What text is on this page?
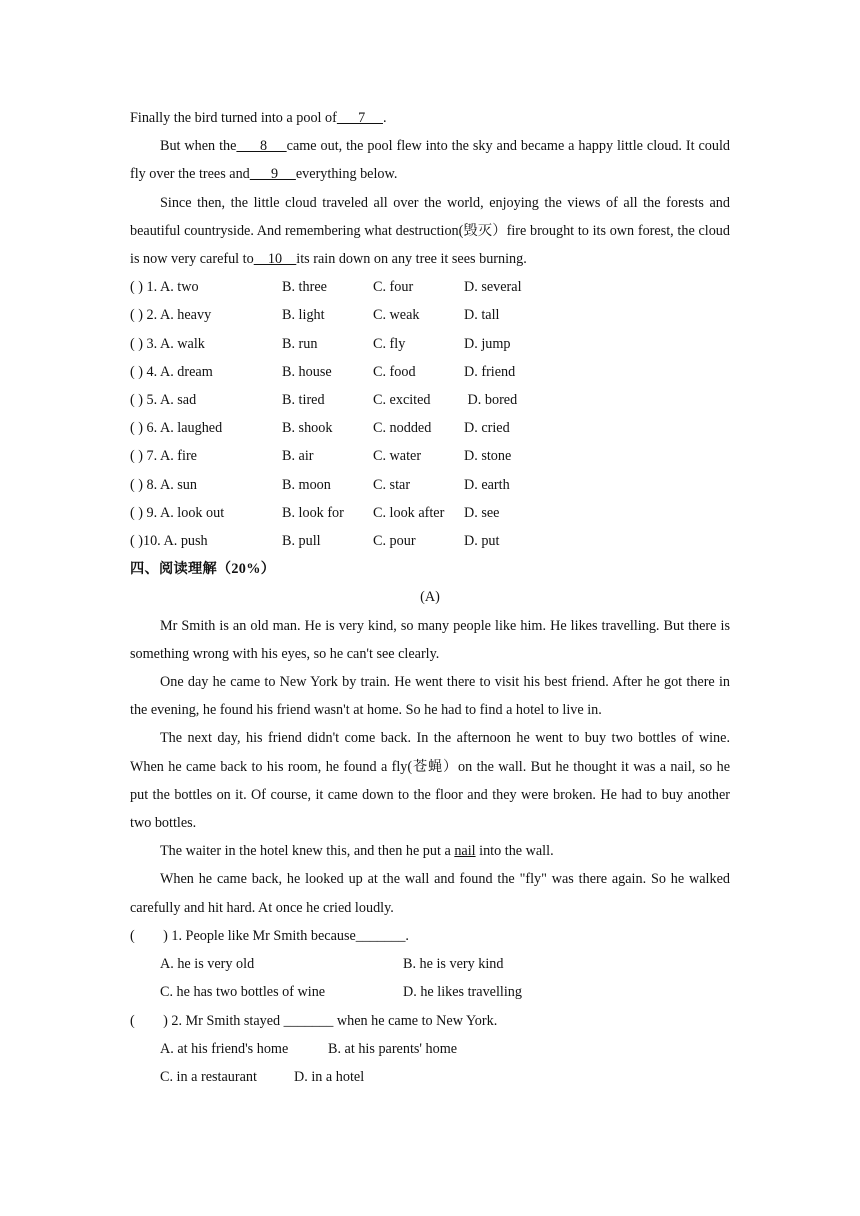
Finally the bird turned into a pool of      7     .

But when the      8     came out, the pool flew into the sky and became a happy little cloud. It could fly over the trees and      9     everything below.

Since then, the little cloud traveled all over the world, enjoying the views of all the forests and beautiful countryside. And remembering what destruction(毁灭）fire brought to its own forest, the cloud is now very careful to    10    its rain down on any tree it sees burning.

( ) 1. A. two	B. three	C. four	D. several
( ) 2. A. heavy	B. light	C. weak	D. tall
( ) 3. A. walk	B. run	C. fly	D. jump
( ) 4. A. dream	B. house	C. food	D. friend
( ) 5. A. sad	B. tired	C. excited	D. bored
( ) 6. A. laughed	B. shook	C. nodded	D. cried
( ) 7. A. fire	B. air	C. water	D. stone
( ) 8. A. sun	B. moon	C. star	D. earth
( ) 9. A. look out	B. look for	C. look after	D. see
( )10. A. push	B. pull	C. pour	D. put

四、阅读理解（20%）

(A)

Mr Smith is an old man. He is very kind, so many people like him. He likes travelling. But there is something wrong with his eyes, so he can't see clearly.

One day he came to New York by train. He went there to visit his best friend. After he got there in the evening, he found his friend wasn't at home. So he had to find a hotel to live in.

The next day, his friend didn't come back. In the afternoon he went to buy two bottles of wine. When he came back to his room, he found a fly(苍蝇）on the wall. But he thought it was a nail, so he put the bottles on it. Of course, it came down to the floor and they were broken. He had to buy another two bottles.

The waiter in the hotel knew this, and then he put a nail into the wall.

When he came back, he looked up at the wall and found the "fly" was there again. So he walked carefully and hit hard. At once he cried loudly.

(        ) 1. People like Mr Smith because_______.

A. he is very old	B. he is very kind
C. he has two bottles of wine	D. he likes travelling

(        ) 2. Mr Smith stayed _______ when he came to New York.

A. at his friend's home	B. at his parents' home
C. in a restaurant	D. in a hotel
